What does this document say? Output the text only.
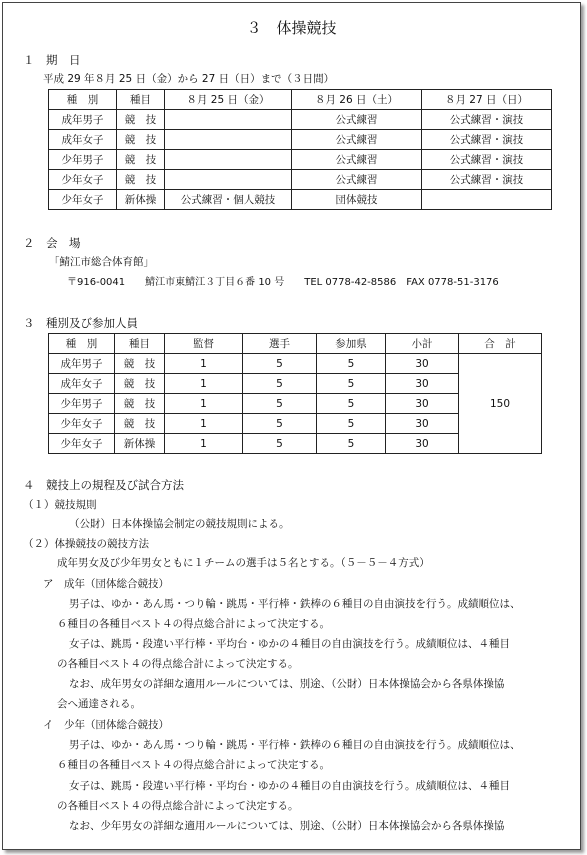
３　体操競技
１　期　日
平成 29 年８月 25 日（金）から 27 日（日）まで（３日間）
種　別	種目	８月 25 日（金）	８月 26 日（土）	８月 27 日（日）
成年男子	競　技		公式練習	公式練習・演技
成年女子	競　技		公式練習	公式練習・演技
少年男子	競　技		公式練習	公式練習・演技
少年女子	競　技		公式練習	公式練習・演技
少年女子	新体操	公式練習・個人競技	団体競技	
２　会　場
「鯖江市総合体育館」
〒916-0041　　鯖江市東鯖江３丁目６番 10 号　　TEL 0778-42-8586　FAX 0778-51-3176
３　種別及び参加人員
種　別	種目	監督	選手	参加県	小計	合　計
成年男子	競　技	1	5	5	30	150
成年女子	競　技	1	5	5	30	
少年男子	競　技	1	5	5	30	
少年女子	競　技	1	5	5	30	
少年女子	新体操	1	5	5	30	
４　競技上の規程及び試合方法
（１）競技規則
（公財）日本体操協会制定の競技規則による。
（２）体操競技の競技方法
成年男女及び少年男女ともに１チームの選手は５名とする。（５－５－４方式）
ア　成年（団体総合競技）
男子は、ゆか・あん馬・つり輪・跳馬・平行棒・鉄棒の６種目の自由演技を行う。成績順位は、
６種目の各種目ベスト４の得点総合計によって決定する。
女子は、跳馬・段違い平行棒・平均台・ゆかの４種目の自由演技を行う。成績順位は、４種目
の各種目ベスト４の得点総合計によって決定する。
なお、成年男女の詳細な適用ルールについては、別途、（公財）日本体操協会から各県体操協
会へ通達される。
イ　少年（団体総合競技）
男子は、ゆか・あん馬・つり輪・跳馬・平行棒・鉄棒の６種目の自由演技を行う。成績順位は、
６種目の各種目ベスト４の得点総合計によって決定する。
女子は、跳馬・段違い平行棒・平均台・ゆかの４種目の自由演技を行う。成績順位は、４種目
の各種目ベスト４の得点総合計によって決定する。
なお、少年男女の詳細な適用ルールについては、別途、（公財）日本体操協会から各県体操協
